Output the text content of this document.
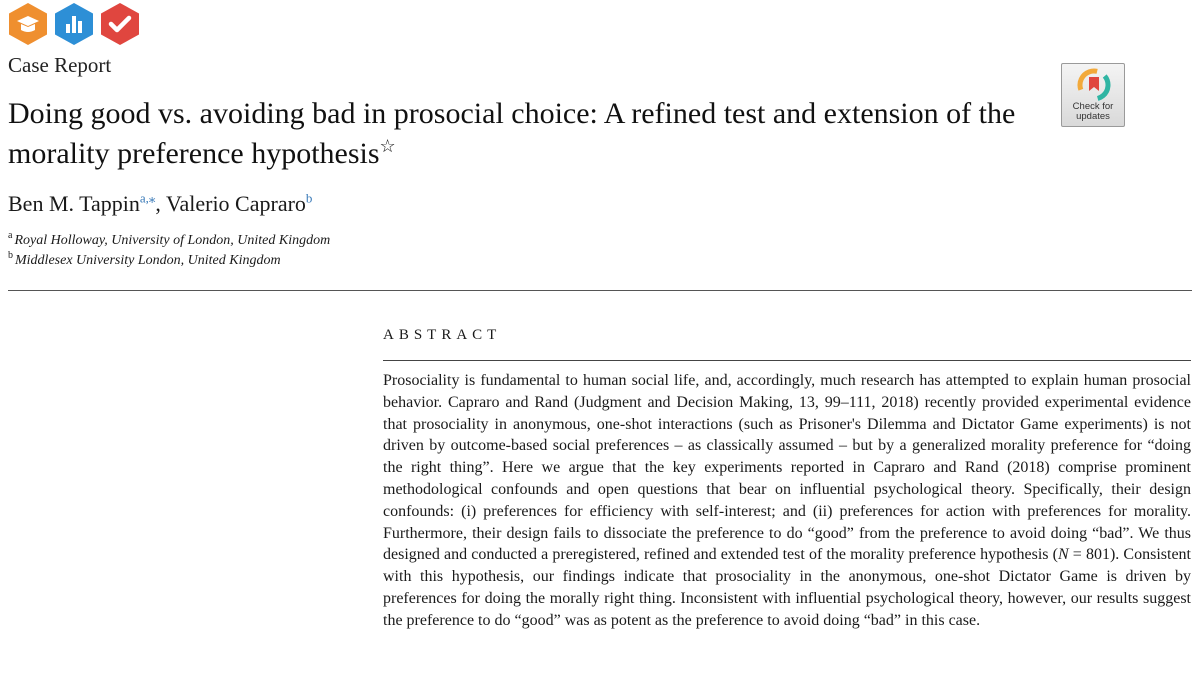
Case Report
Doing good vs. avoiding bad in prosocial choice: A refined test and extension of the morality preference hypothesis☆
Ben M. Tappin$^{a,⁎}$, Valerio Capraro$^b$
$^a$ Royal Holloway, University of London, United Kingdom
$^b$ Middlesex University London, United Kingdom
Check for
updates
ABSTRACT
Prosociality is fundamental to human social life, and, accordingly, much research has attempted to explain human prosocial behavior. Capraro and Rand (Judgment and Decision Making, 13, 99–111, 2018) recently provided experimental evidence that prosociality in anonymous, one-shot interactions (such as Prisoner's Dilemma and Dictator Game experiments) is not driven by outcome-based social preferences – as classically assumed – but by a generalized morality preference for “doing the right thing”. Here we argue that the key experiments reported in Capraro and Rand (2018) comprise prominent methodological confounds and open questions that bear on influential psychological theory. Specifically, their design confounds: (i) preferences for efficiency with self-interest; and (ii) preferences for action with preferences for morality. Furthermore, their design fails to dissociate the preference to do “good” from the preference to avoid doing “bad”. We thus designed and conducted a preregistered, refined and extended test of the morality preference hypothesis (N = 801). Consistent with this hypothesis, our findings indicate that prosociality in the anonymous, one-shot Dictator Game is driven by preferences for doing the morally right thing. Inconsistent with influential psychological theory, however, our results suggest the preference to do “good” was as potent as the preference to avoid doing “bad” in this case.
